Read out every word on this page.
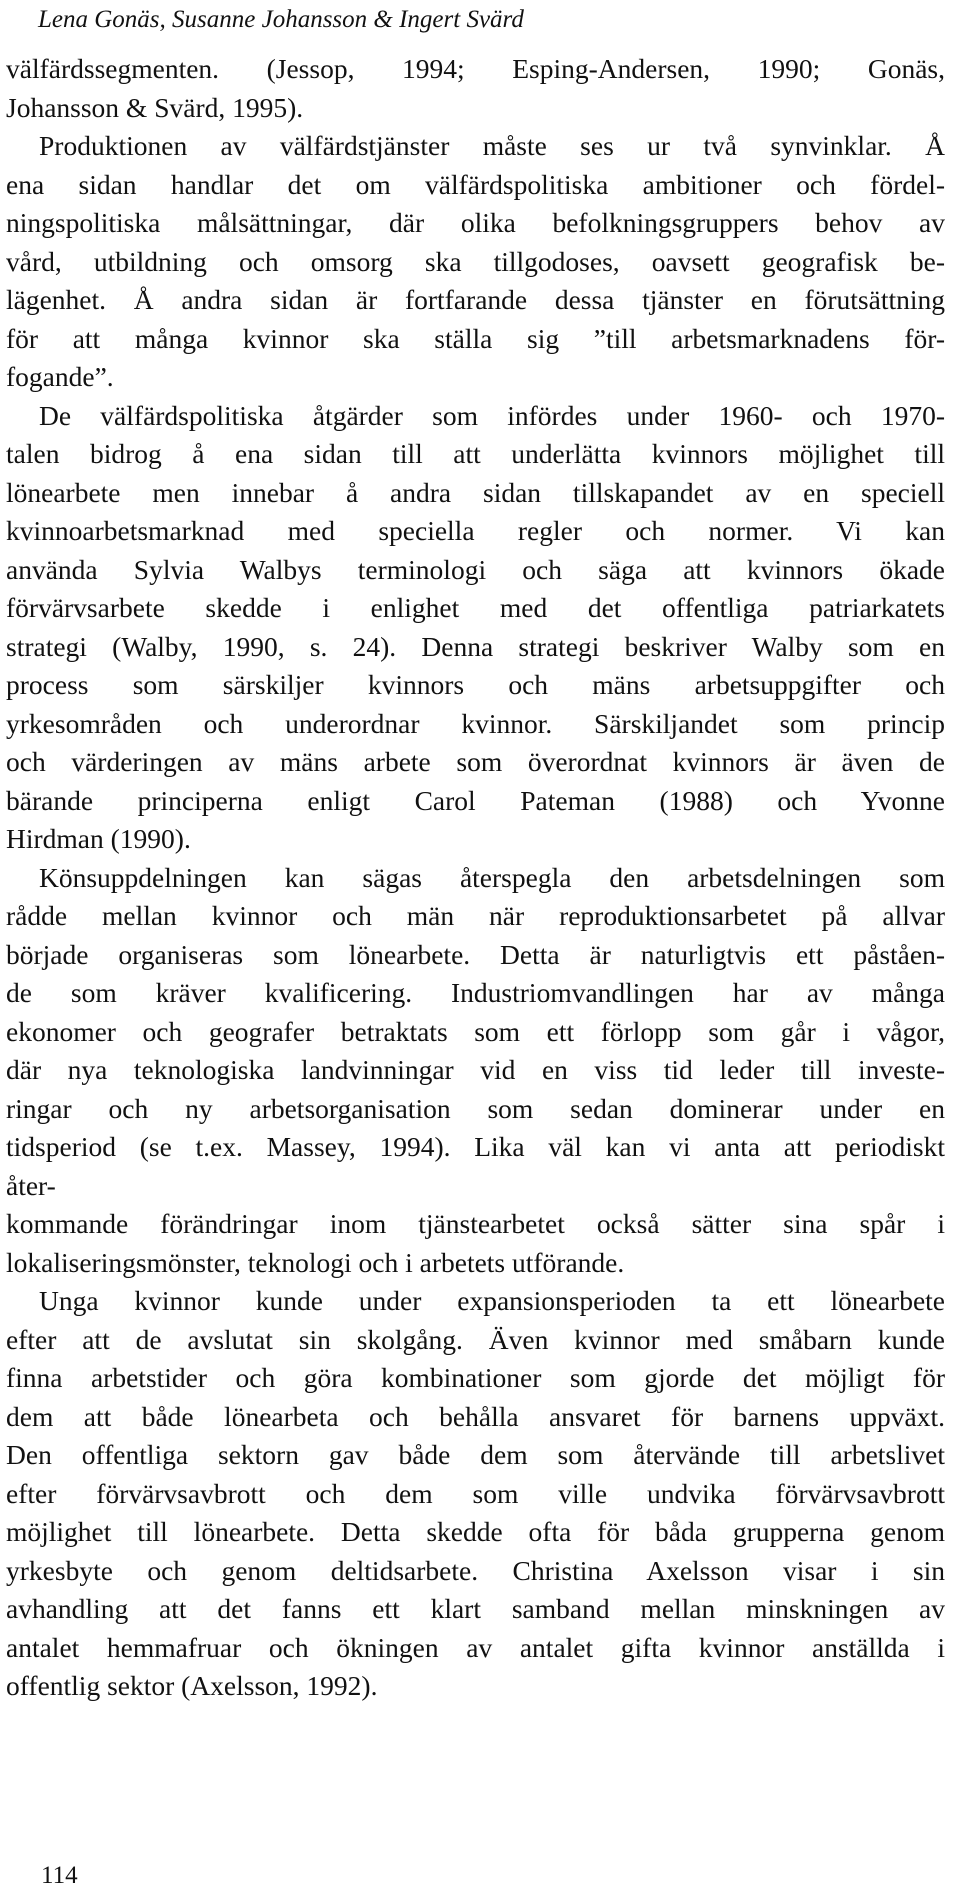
Lena Gonäs, Susanne Johansson & Ingert Svärd
välfärdssegmenten. (Jessop, 1994; Esping-Andersen, 1990; Gonäs,
Johansson & Svärd, 1995).
Produktionen av välfärdstjänster måste ses ur två synvinklar. Å
ena sidan handlar det om välfärdspolitiska ambitioner och fördel-
ningspolitiska målsättningar, där olika befolkningsgruppers behov av
vård, utbildning och omsorg ska tillgodoses, oavsett geografisk be-
lägenhet. Å andra sidan är fortfarande dessa tjänster en förutsättning
för att många kvinnor ska ställa sig ”till arbetsmarknadens för-
fogande”.
De välfärdspolitiska åtgärder som infördes under 1960- och 1970-
talen bidrog å ena sidan till att underlätta kvinnors möjlighet till
lönearbete men innebar å andra sidan tillskapandet av en speciell
kvinnoarbetsmarknad med speciella regler och normer. Vi kan
använda Sylvia Walbys terminologi och säga att kvinnors ökade
förvärvsarbete skedde i enlighet med det offentliga patriarkatets
strategi (Walby, 1990, s. 24). Denna strategi beskriver Walby som en
process som särskiljer kvinnors och mäns arbetsuppgifter och
yrkesområden och underordnar kvinnor. Särskiljandet som princip
och värderingen av mäns arbete som överordnat kvinnors är även de
bärande principerna enligt Carol Pateman (1988) och Yvonne
Hirdman (1990).
Könsuppdelningen kan sägas återspegla den arbetsdelningen som
rådde mellan kvinnor och män när reproduktionsarbetet på allvar
började organiseras som lönearbete. Detta är naturligtvis ett påståen-
de som kräver kvalificering. Industriomvandlingen har av många
ekonomer och geografer betraktats som ett förlopp som går i vågor,
där nya teknologiska landvinningar vid en viss tid leder till investe-
ringar och ny arbetsorganisation som sedan dominerar under en
tidsperiod (se t.ex. Massey, 1994). Lika väl kan vi anta att periodiskt
åter-
kommande förändringar inom tjänstearbetet också sätter sina spår i
lokaliseringsmönster, teknologi och i arbetets utförande.
Unga kvinnor kunde under expansionsperioden ta ett lönearbete
efter att de avslutat sin skolgång. Även kvinnor med småbarn kunde
finna arbetstider och göra kombinationer som gjorde det möjligt för
dem att både lönearbeta och behålla ansvaret för barnens uppväxt.
Den offentliga sektorn gav både dem som återvände till arbetslivet
efter förvärvsavbrott och dem som ville undvika förvärvsavbrott
möjlighet till lönearbete. Detta skedde ofta för båda grupperna genom
yrkesbyte och genom deltidsarbete. Christina Axelsson visar i sin
avhandling att det fanns ett klart samband mellan minskningen av
antalet hemmafruar och ökningen av antalet gifta kvinnor anställda i
offentlig sektor (Axelsson, 1992).
114
